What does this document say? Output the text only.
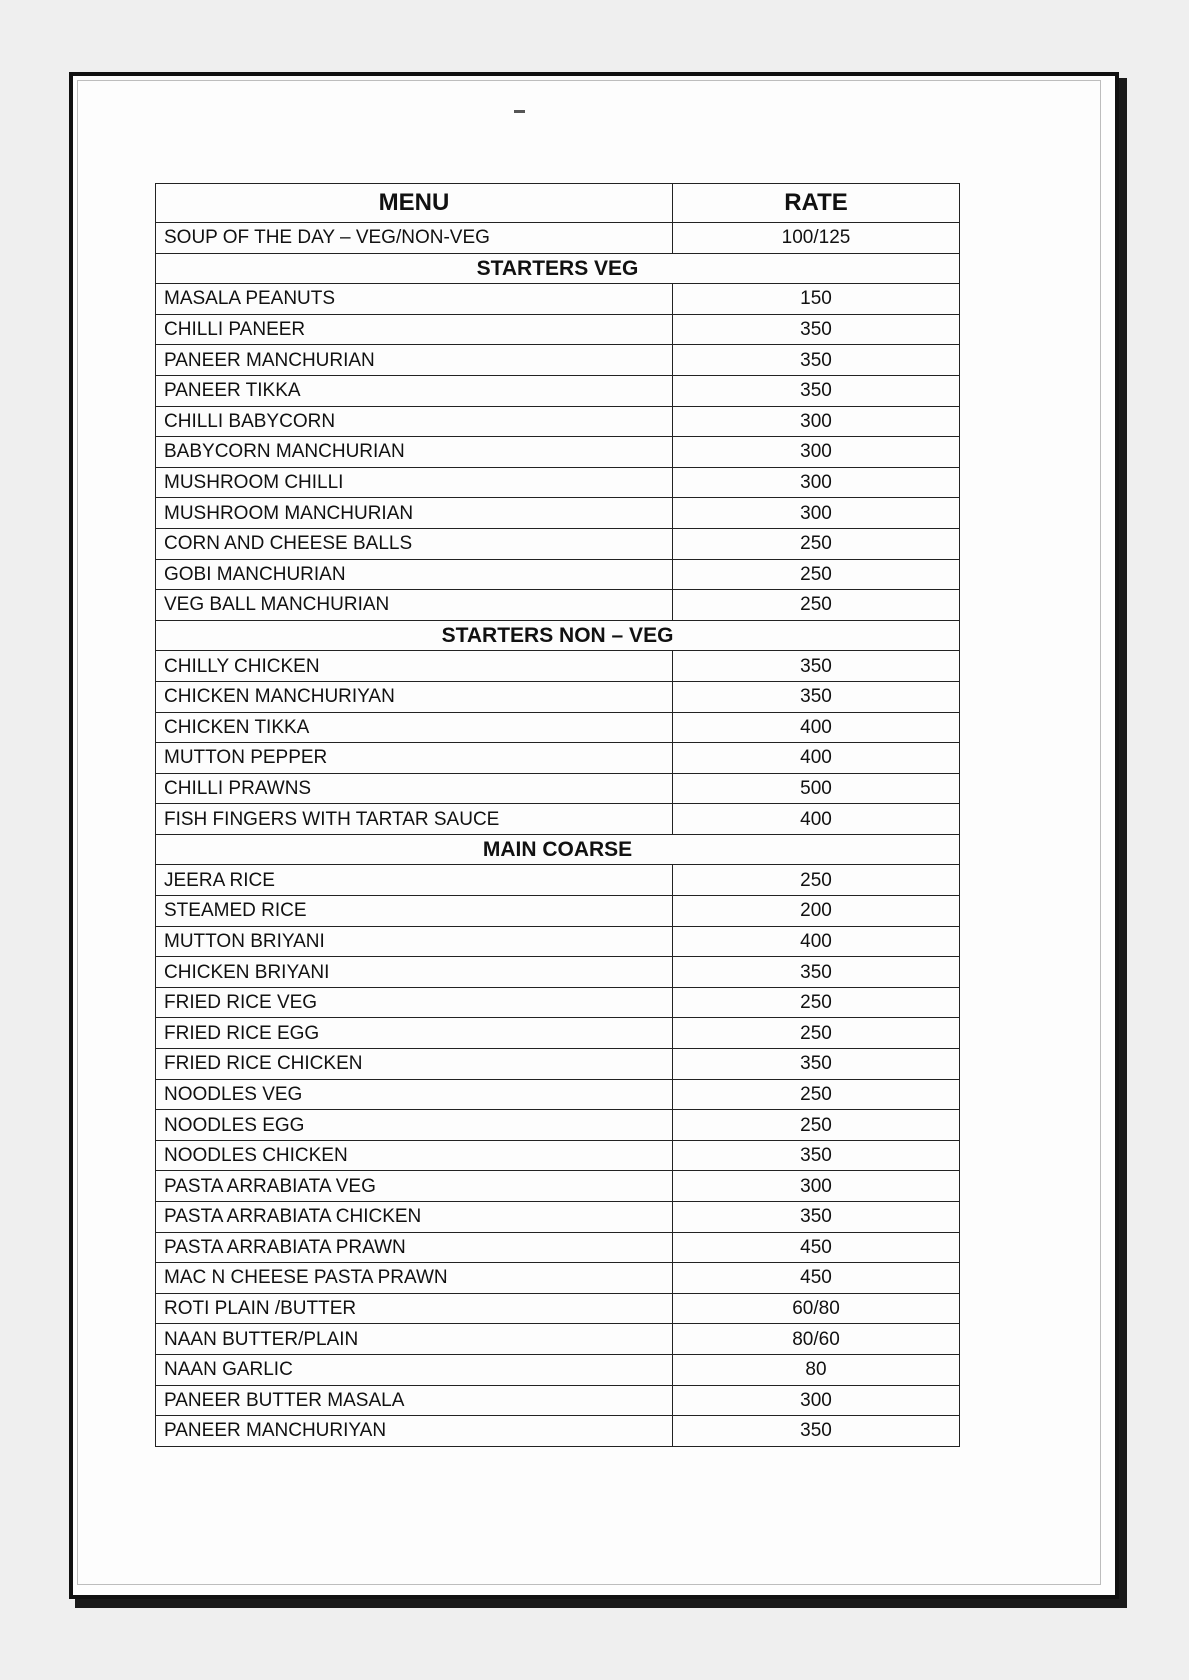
MENU	RATE
SOUP OF THE DAY – VEG/NON-VEG	100/125
STARTERS VEG	
MASALA PEANUTS	150
CHILLI PANEER	350
PANEER MANCHURIAN	350
PANEER TIKKA	350
CHILLI BABYCORN	300
BABYCORN MANCHURIAN	300
MUSHROOM CHILLI	300
MUSHROOM MANCHURIAN	300
CORN AND CHEESE BALLS	250
GOBI MANCHURIAN	250
VEG BALL MANCHURIAN	250
STARTERS NON – VEG	
CHILLY CHICKEN	350
CHICKEN MANCHURIYAN	350
CHICKEN TIKKA	400
MUTTON PEPPER	400
CHILLI PRAWNS	500
FISH FINGERS WITH TARTAR SAUCE	400
MAIN COARSE	
JEERA RICE	250
STEAMED RICE	200
MUTTON BRIYANI	400
CHICKEN BRIYANI	350
FRIED RICE VEG	250
FRIED RICE EGG	250
FRIED RICE CHICKEN	350
NOODLES VEG	250
NOODLES EGG	250
NOODLES CHICKEN	350
PASTA ARRABIATA VEG	300
PASTA ARRABIATA CHICKEN	350
PASTA ARRABIATA PRAWN	450
MAC N CHEESE PASTA PRAWN	450
ROTI PLAIN /BUTTER	60/80
NAAN BUTTER/PLAIN	80/60
NAAN GARLIC	80
PANEER BUTTER MASALA	300
PANEER MANCHURIYAN	350
